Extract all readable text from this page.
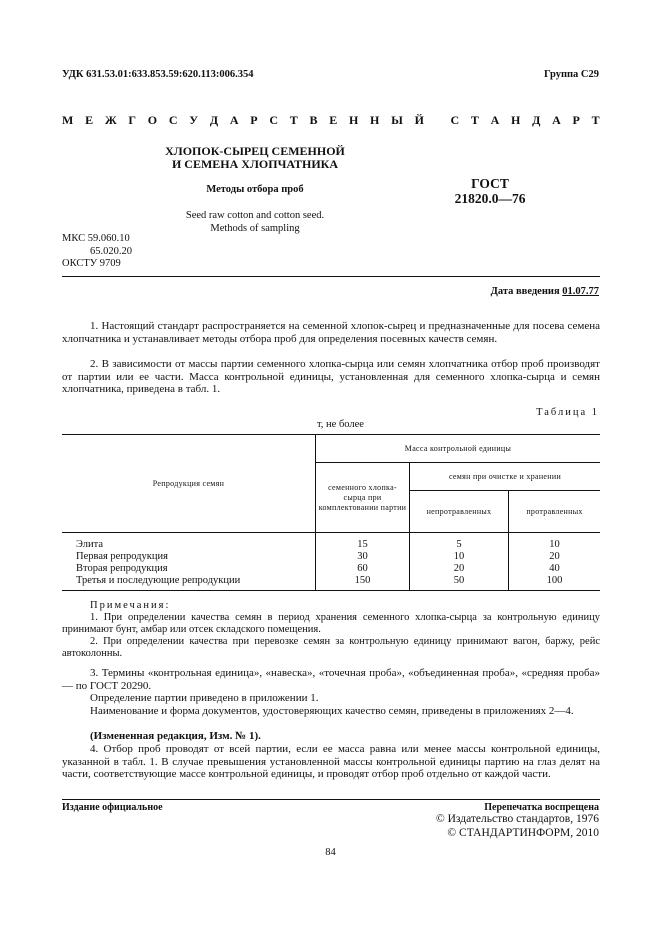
УДК 631.53.01:633.853.59:620.113:006.354	Группа С29
М Е Ж Г О С У Д А Р С Т В Е Н Н Ы Й
С Т А Н Д А Р Т
ХЛОПОК-СЫРЕЦ СЕМЕННОЙ
И СЕМЕНА ХЛОПЧАТНИКА
Методы отбора проб
Seed raw cotton and cotton seed.
Methods of sampling
ГОСТ
21820.0—76
МКС 59.060.10
65.020.20
ОКСТУ 9709
Дата введения 01.07.77
1. Настоящий стандарт распространяется на семенной хлопок-сырец и предназначенные для посева семена хлопчатника и устанавливает методы отбора проб для определения посевных качеств семян.
2. В зависимости от массы партии семенного хлопка-сырца или семян хлопчатника отбор проб производят от партии или ее части. Масса контрольной единицы, установленная для семенного хлопка-сырца и семян хлопчатника, приведена в табл. 1.
Таблица 1
т, не более
Репродукция семян	Масса контрольной единицы		
	семенного хлопка-сырца при комплектовании партии	семян при очистке и хранении	
		непротравленных	протравленных

Элита	15	5	10
Первая репродукция	30	10	20
Вторая репродукция	60	20	40
Третья и последующие репродукции	150	50	100

Примечания:
1. При определении качества семян в период хранения семенного хлопка-сырца за контрольную единицу принимают бунт, амбар или отсек складского помещения.
2. При определении качества при перевозке семян за контрольную единицу принимают вагон, баржу, рейс автоколонны.
3. Термины «контрольная единица», «навеска», «точечная проба», «объединенная проба», «средняя проба» — по ГОСТ 20290.
Определение партии приведено в приложении 1.
Наименование и форма документов, удостоверяющих качество семян, приведены в приложениях 2—4.
(Измененная редакция, Изм. № 1).
4. Отбор проб проводят от всей партии, если ее масса равна или менее массы контрольной единицы, указанной в табл. 1. В случае превышения установленной массы контрольной единицы партию на глаз делят на части, соответствующие массе контрольной единицы, и проводят отбор проб отдельно от каждой части.
Издание официальное	Перепечатка воспрещена
© Издательство стандартов, 1976
© СТАНДАРТИНФОРМ, 2010
84
